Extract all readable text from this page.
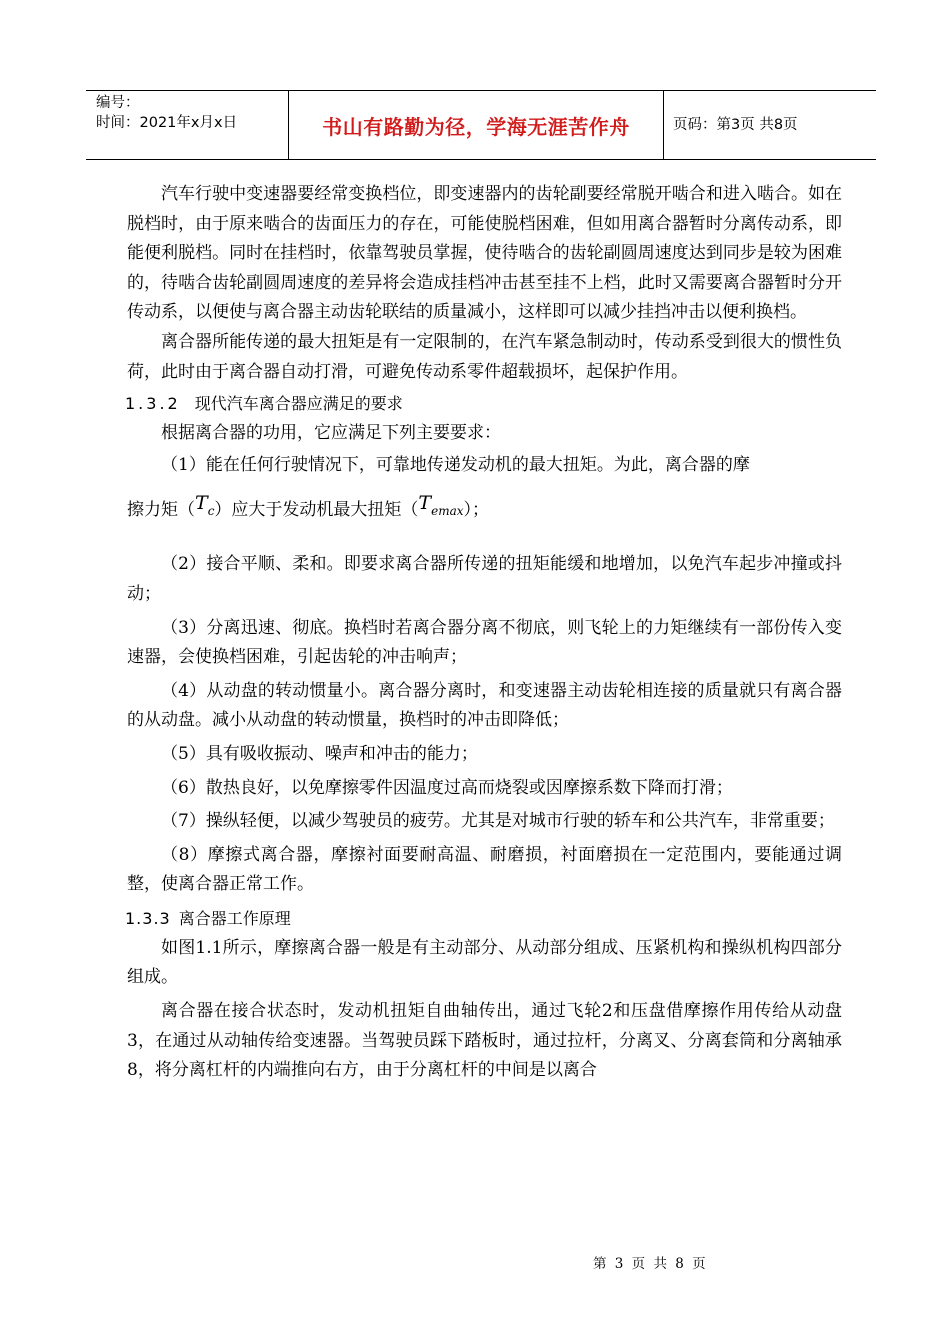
编号：
时间：2021年x月x日	书山有路勤为径，学海无涯苦作舟	页码：第3页 共8页

汽车行驶中变速器要经常变换档位，即变速器内的齿轮副要经常脱开啮合和进入啮合。如在脱档时，由于原来啮合的齿面压力的存在，可能使脱档困难，但如用离合器暂时分离传动系，即能便利脱档。同时在挂档时，依靠驾驶员掌握，使待啮合的齿轮副圆周速度达到同步是较为困难的，待啮合齿轮副圆周速度的差异将会造成挂档冲击甚至挂不上档，此时又需要离合器暂时分开传动系，以便使与离合器主动齿轮联结的质量减小，这样即可以减少挂挡冲击以便利换档。

离合器所能传递的最大扭矩是有一定限制的，在汽车紧急制动时，传动系受到很大的惯性负荷，此时由于离合器自动打滑，可避免传动系零件超载损坏，起保护作用。

1.3.2 现代汽车离合器应满足的要求

根据离合器的功用，它应满足下列主要要求：

（1）能在任何行驶情况下，可靠地传递发动机的最大扭矩。为此，离合器的摩

擦力矩$(T_c)$应大于发动机最大扭矩$(T_{emax})$；

（2）接合平顺、柔和。即要求离合器所传递的扭矩能缓和地增加，以免汽车起步冲撞或抖动；

（3）分离迅速、彻底。换档时若离合器分离不彻底，则飞轮上的力矩继续有一部份传入变速器，会使换档困难，引起齿轮的冲击响声；

（4）从动盘的转动惯量小。离合器分离时，和变速器主动齿轮相连接的质量就只有离合器的从动盘。减小从动盘的转动惯量，换档时的冲击即降低；

（5）具有吸收振动、噪声和冲击的能力；

（6）散热良好，以免摩擦零件因温度过高而烧裂或因摩擦系数下降而打滑；

（7）操纵轻便，以减少驾驶员的疲劳。尤其是对城市行驶的轿车和公共汽车，非常重要；

（8）摩擦式离合器，摩擦衬面要耐高温、耐磨损，衬面磨损在一定范围内，要能通过调整，使离合器正常工作。

1.3.3 离合器工作原理

如图1.1所示，摩擦离合器一般是有主动部分、从动部分组成、压紧机构和操纵机构四部分组成。

离合器在接合状态时，发动机扭矩自曲轴传出，通过飞轮2和压盘借摩擦作用传给从动盘3，在通过从动轴传给变速器。当驾驶员踩下踏板时，通过拉杆，分离叉、分离套筒和分离轴承8，将分离杠杆的内端推向右方，由于分离杠杆的中间是以离合

第 3 页 共 8 页
